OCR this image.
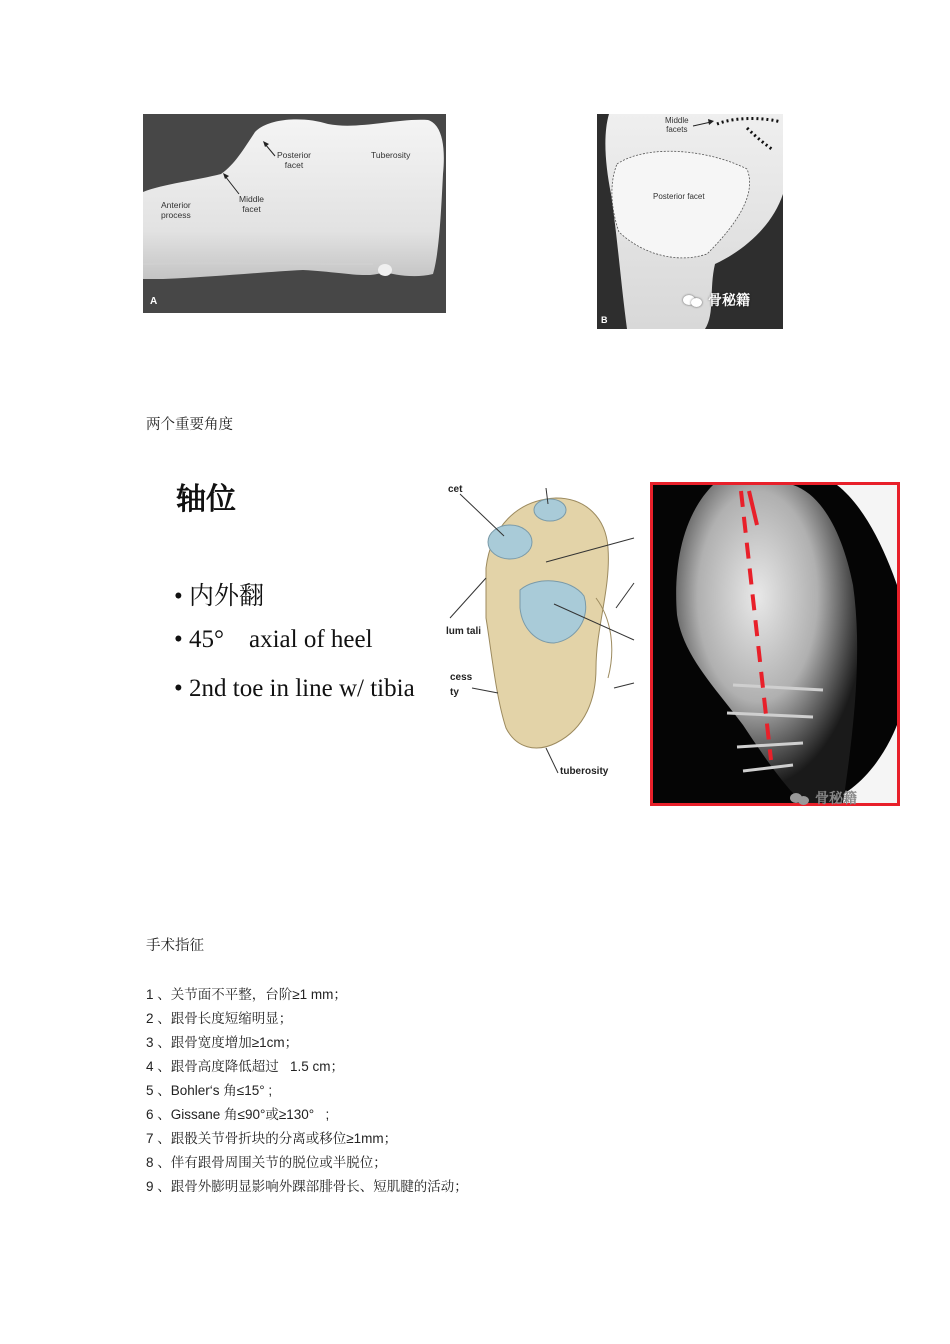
Posterior
facet
Tuberosity
Anterior
process
Middle
facet
A
Middle
facets
Posterior facet
B
骨秘籍
两个重要角度
轴位
• 内外翻
• 45°    axial of heel
• 2nd toe in line w/ tibia
cet
lum tali
cess
ty
tuberosity
骨秘籍
手术指征
1 、关节面不平整，台阶≥1 mm；
2 、跟骨长度短缩明显；
3 、跟骨宽度增加≥1cm；
4 、跟骨高度降低超过   1.5 cm；
5 、Bohler‘s 角≤15° ;
6 、Gissane 角≤90°或≥130°   ;
7 、跟骰关节骨折块的分离或移位≥1mm；
8 、伴有跟骨周围关节的脱位或半脱位；
9 、跟骨外膨明显影响外踝部腓骨长、短肌腱的活动；
